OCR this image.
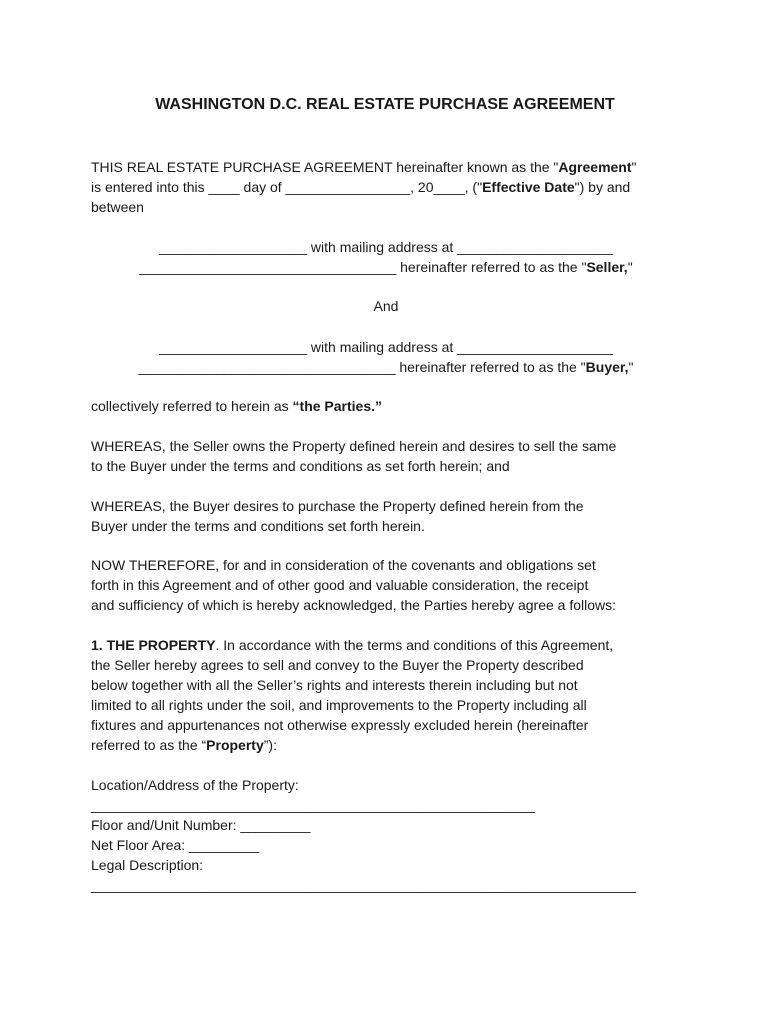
WASHINGTON D.C. REAL ESTATE PURCHASE AGREEMENT
THIS REAL ESTATE PURCHASE AGREEMENT hereinafter known as the "Agreement"
is entered into this ____ day of ________________, 20____, ("Effective Date") by and
between
___________________ with mailing address at ____________________
_________________________________ hereinafter referred to as the "Seller,"
And
___________________ with mailing address at ____________________
_________________________________ hereinafter referred to as the "Buyer,"
collectively referred to herein as “the Parties.”
WHEREAS, the Seller owns the Property defined herein and desires to sell the same
to the Buyer under the terms and conditions as set forth herein; and
WHEREAS, the Buyer desires to purchase the Property defined herein from the
Buyer under the terms and conditions set forth herein.
NOW THEREFORE, for and in consideration of the covenants and obligations set
forth in this Agreement and of other good and valuable consideration, the receipt
and sufficiency of which is hereby acknowledged, the Parties hereby agree a follows:
1. THE PROPERTY. In accordance with the terms and conditions of this Agreement,
the Seller hereby agrees to sell and convey to the Buyer the Property described
below together with all the Seller’s rights and interests therein including but not
limited to all rights under the soil, and improvements to the Property including all
fixtures and appurtenances not otherwise expressly excluded herein (hereinafter
referred to as the “Property”):
Location/Address of the Property:
_________________________________________________________
Floor and/Unit Number: _________
Net Floor Area: _________
Legal Description:
______________________________________________________________________
